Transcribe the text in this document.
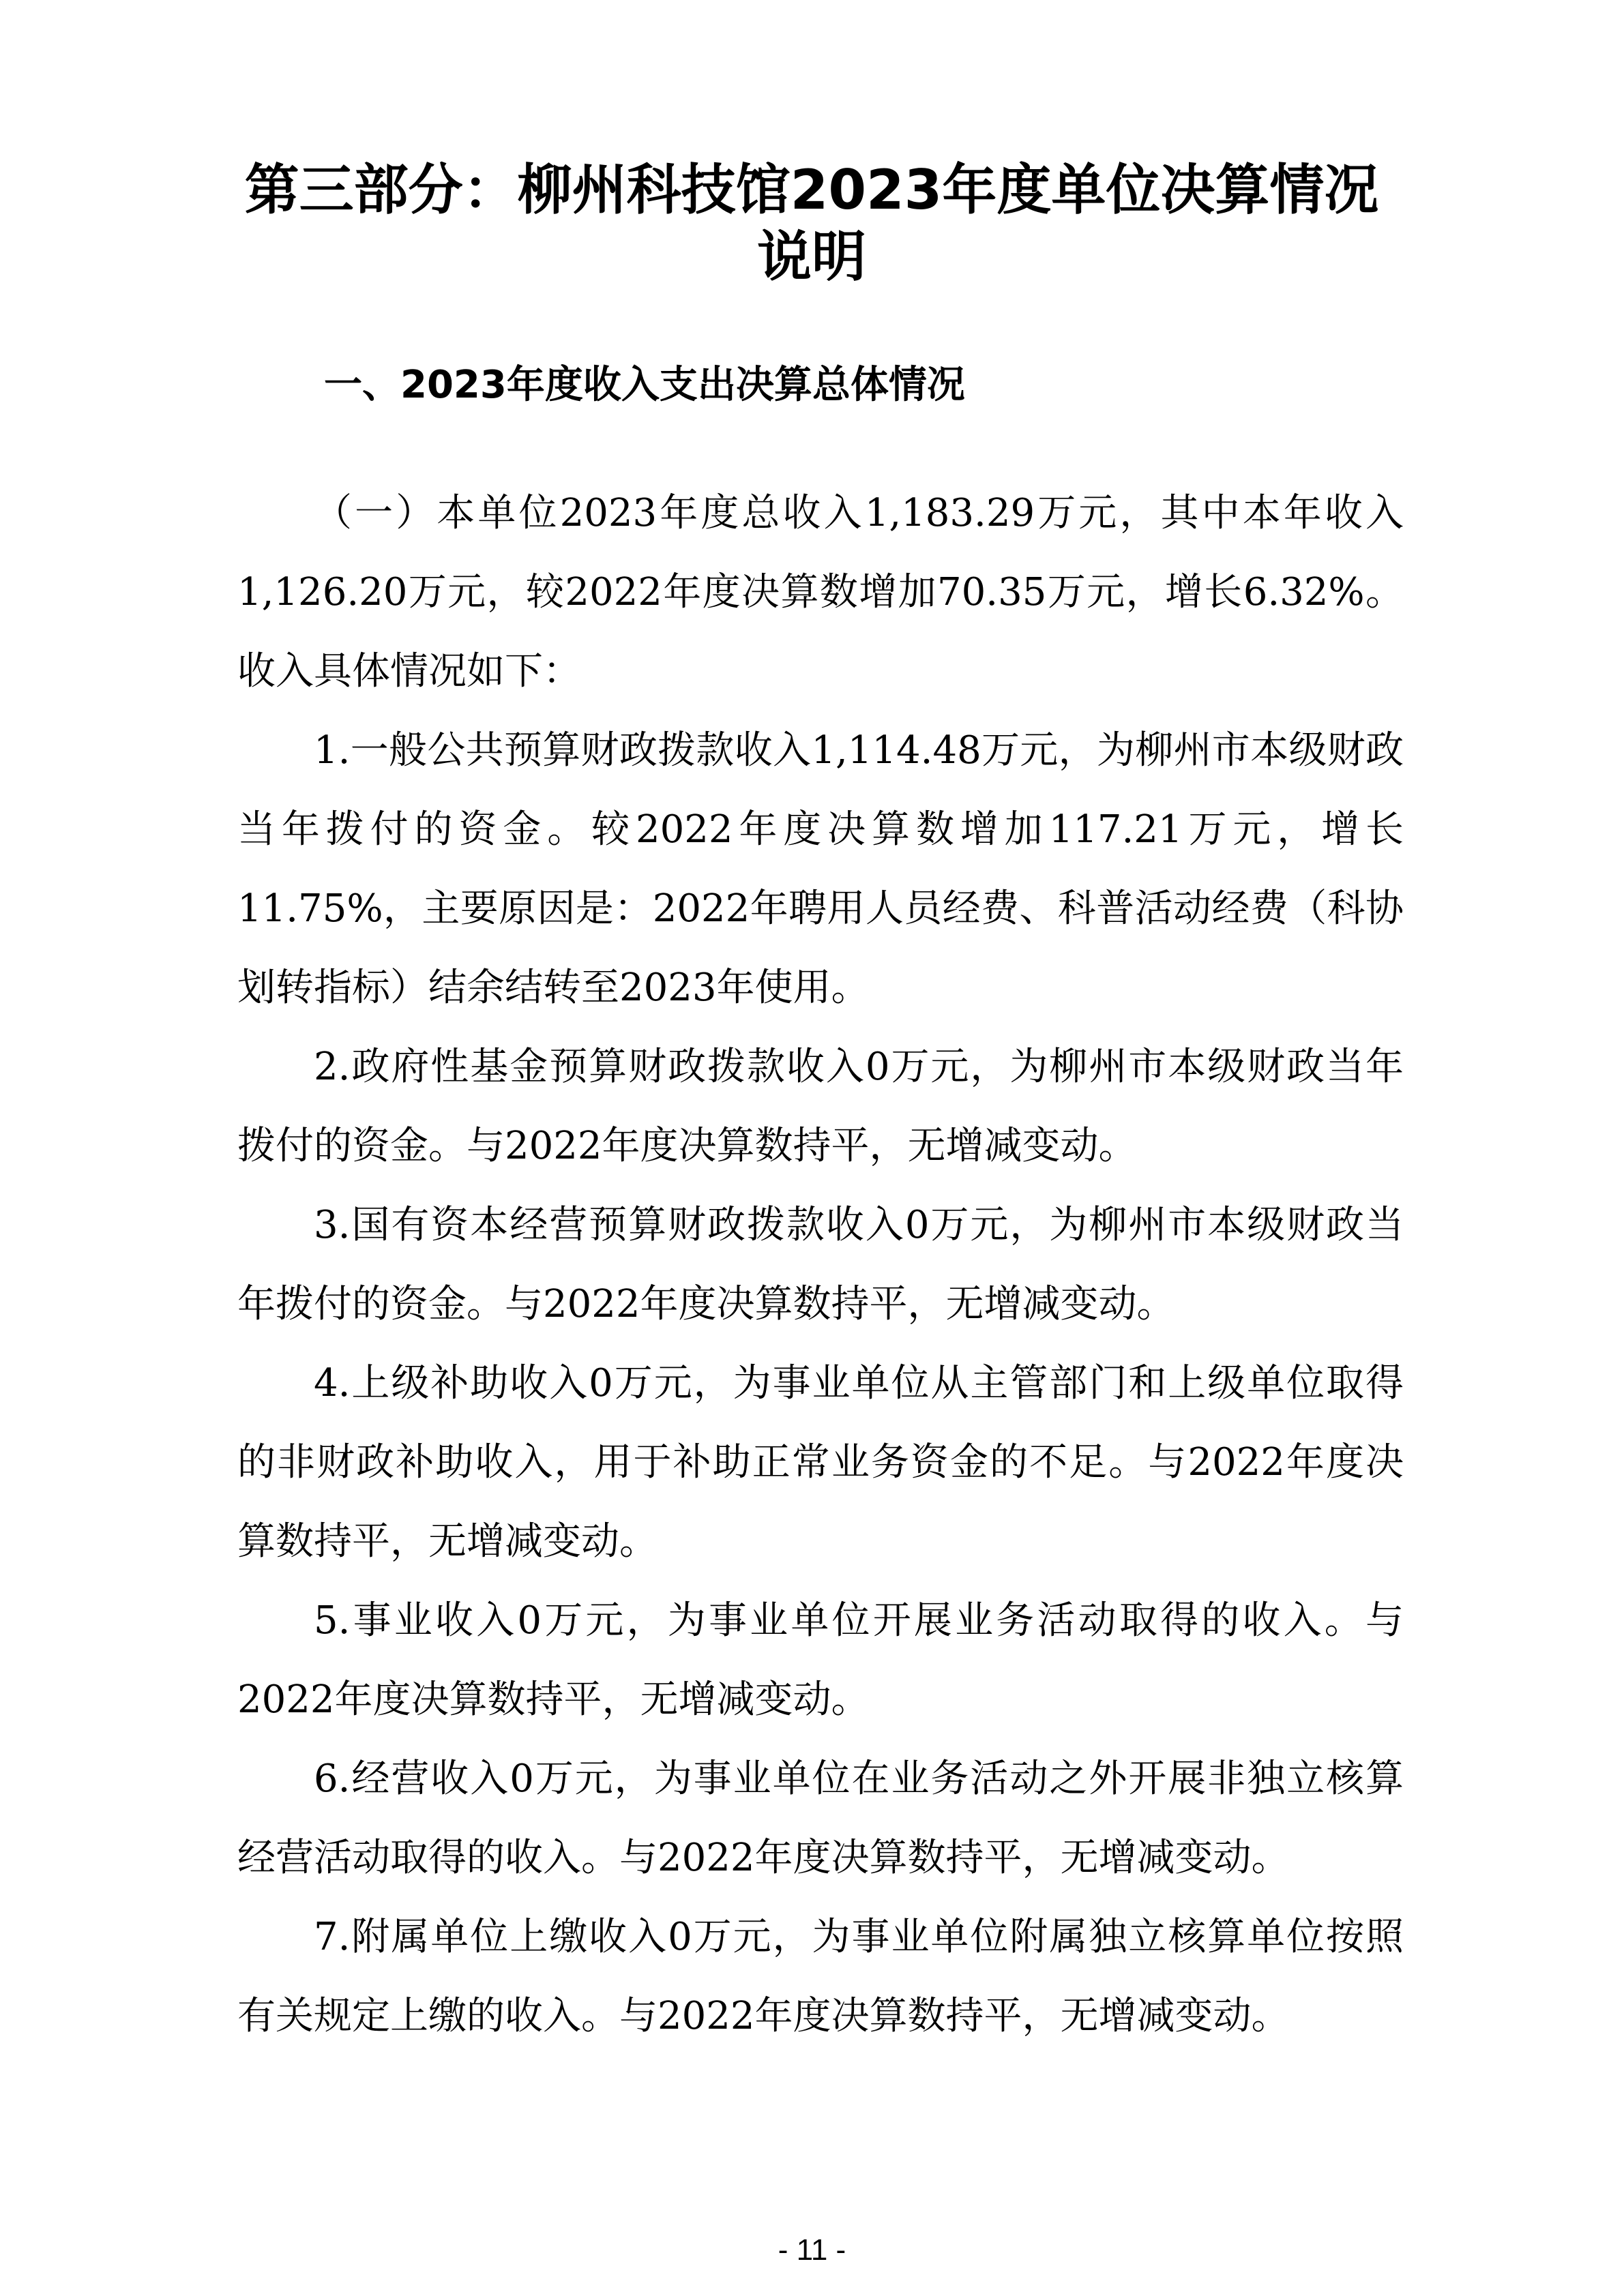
第三部分：柳州科技馆2023年度单位决算情况说明
一、2023年度收入支出决算总体情况

（一）本单位2023年度总收入1,183.29万元，其中本年收入1,126.20万元，较2022年度决算数增加70.35万元，增长6.32%。收入具体情况如下：

1.一般公共预算财政拨款收入1,114.48万元，为柳州市本级财政当年拨付的资金。较2022年度决算数增加117.21万元，增长11.75%，主要原因是：2022年聘用人员经费、科普活动经费（科协划转指标）结余结转至2023年使用。

2.政府性基金预算财政拨款收入0万元，为柳州市本级财政当年拨付的资金。与2022年度决算数持平，无增减变动。

3.国有资本经营预算财政拨款收入0万元，为柳州市本级财政当年拨付的资金。与2022年度决算数持平，无增减变动。

4.上级补助收入0万元，为事业单位从主管部门和上级单位取得的非财政补助收入，用于补助正常业务资金的不足。与2022年度决算数持平，无增减变动。

5.事业收入0万元，为事业单位开展业务活动取得的收入。与2022年度决算数持平，无增减变动。

6.经营收入0万元，为事业单位在业务活动之外开展非独立核算经营活动取得的收入。与2022年度决算数持平，无增减变动。

7.附属单位上缴收入0万元，为事业单位附属独立核算单位按照有关规定上缴的收入。与2022年度决算数持平，无增减变动。

- 11 -
